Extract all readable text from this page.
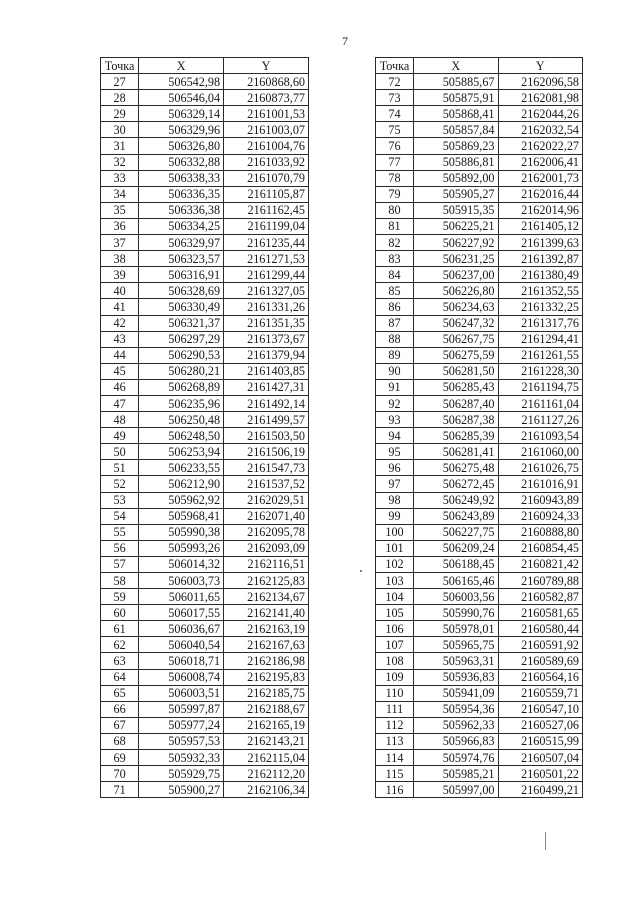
7
Точка	X	Y
27	506542,98	2160868,60
28	506546,04	2160873,77
29	506329,14	2161001,53
30	506329,96	2161003,07
31	506326,80	2161004,76
32	506332,88	2161033,92
33	506338,33	2161070,79
34	506336,35	2161105,87
35	506336,38	2161162,45
36	506334,25	2161199,04
37	506329,97	2161235,44
38	506323,57	2161271,53
39	506316,91	2161299,44
40	506328,69	2161327,05
41	506330,49	2161331,26
42	506321,37	2161351,35
43	506297,29	2161373,67
44	506290,53	2161379,94
45	506280,21	2161403,85
46	506268,89	2161427,31
47	506235,96	2161492,14
48	506250,48	2161499,57
49	506248,50	2161503,50
50	506253,94	2161506,19
51	506233,55	2161547,73
52	506212,90	2161537,52
53	505962,92	2162029,51
54	505968,41	2162071,40
55	505990,38	2162095,78
56	505993,26	2162093,09
57	506014,32	2162116,51
58	506003,73	2162125,83
59	506011,65	2162134,67
60	506017,55	2162141,40
61	506036,67	2162163,19
62	506040,54	2162167,63
63	506018,71	2162186,98
64	506008,74	2162195,83
65	506003,51	2162185,75
66	505997,87	2162188,67
67	505977,24	2162165,19
68	505957,53	2162143,21
69	505932,33	2162115,04
70	505929,75	2162112,20
71	505900,27	2162106,34
Точка	X	Y
72	505885,67	2162096,58
73	505875,91	2162081,98
74	505868,41	2162044,26
75	505857,84	2162032,54
76	505869,23	2162022,27
77	505886,81	2162006,41
78	505892,00	2162001,73
79	505905,27	2162016,44
80	505915,35	2162014,96
81	506225,21	2161405,12
82	506227,92	2161399,63
83	506231,25	2161392,87
84	506237,00	2161380,49
85	506226,80	2161352,55
86	506234,63	2161332,25
87	506247,32	2161317,76
88	506267,75	2161294,41
89	506275,59	2161261,55
90	506281,50	2161228,30
91	506285,43	2161194,75
92	506287,40	2161161,04
93	506287,38	2161127,26
94	506285,39	2161093,54
95	506281,41	2161060,00
96	506275,48	2161026,75
97	506272,45	2161016,91
98	506249,92	2160943,89
99	506243,89	2160924,33
100	506227,75	2160888,80
101	506209,24	2160854,45
102	506188,45	2160821,42
103	506165,46	2160789,88
104	506003,56	2160582,87
105	505990,76	2160581,65
106	505978,01	2160580,44
107	505965,75	2160591,92
108	505963,31	2160589,69
109	505936,83	2160564,16
110	505941,09	2160559,71
111	505954,36	2160547,10
112	505962,33	2160527,06
113	505966,83	2160515,99
114	505974,76	2160507,04
115	505985,21	2160501,22
116	505997,00	2160499,21
